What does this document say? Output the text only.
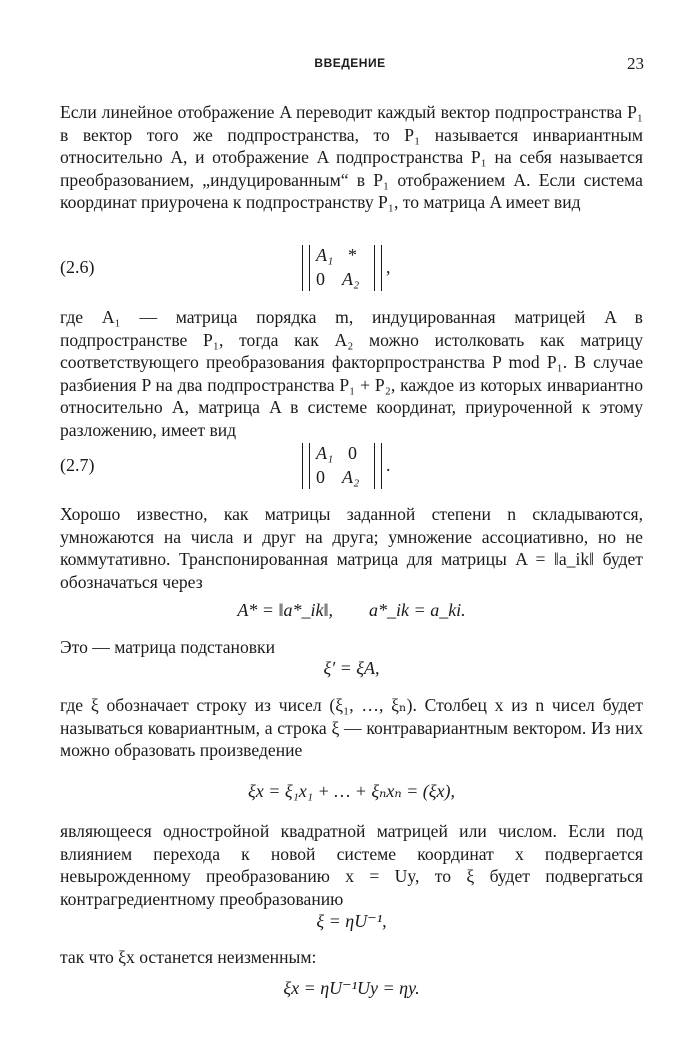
ВВЕДЕНИЕ	23
Если линейное отображение A переводит каждый вектор подпространства P₁ в вектор того же подпространства, то P₁ называется инвариантным относительно A, и отображение A подпространства P₁ на себя называется преобразованием, „индуцированным“ в P₁ отображением A. Если система координат приурочена к подпространству P₁, то матрица A имеет вид
(2.6)
A₁ *
0 A₂
,
где A₁ — матрица порядка m, индуцированная матрицей A в подпространстве P₁, тогда как A₂ можно истолковать как матрицу соответствующего преобразования факторпространства P mod P₁. В случае разбиения P на два подпространства P₁ + P₂, каждое из которых инвариантно относительно A, матрица A в системе координат, приуроченной к этому разложению, имеет вид
(2.7)
A₁ 0
0 A₂
.
Хорошо известно, как матрицы заданной степени n складываются, умножаются на числа и друг на друга; умножение ассоциативно, но не коммутативно. Транспонированная матрица для матрицы A = ‖a_ik‖ будет обозначаться через
A* = ‖a*_ik‖,        a*_ik = a_ki.
Это — матрица подстановки
ξ′ = ξA,
где ξ обозначает строку из чисел (ξ₁, …, ξₙ). Столбец x из n чисел будет называться ковариантным, а строка ξ — контравариантным вектором. Из них можно образовать произведение
ξx = ξ₁x₁ + … + ξₙxₙ = (ξx),
являющееся одностройной квадратной матрицей или числом. Если под влиянием перехода к новой системе координат x подвергается невырожденному преобразованию x = Uy, то ξ будет подвергаться контрагредиентному преобразованию
ξ = ηU⁻¹,
так что ξx останется неизменным:
ξx = ηU⁻¹Uy = ηy.
